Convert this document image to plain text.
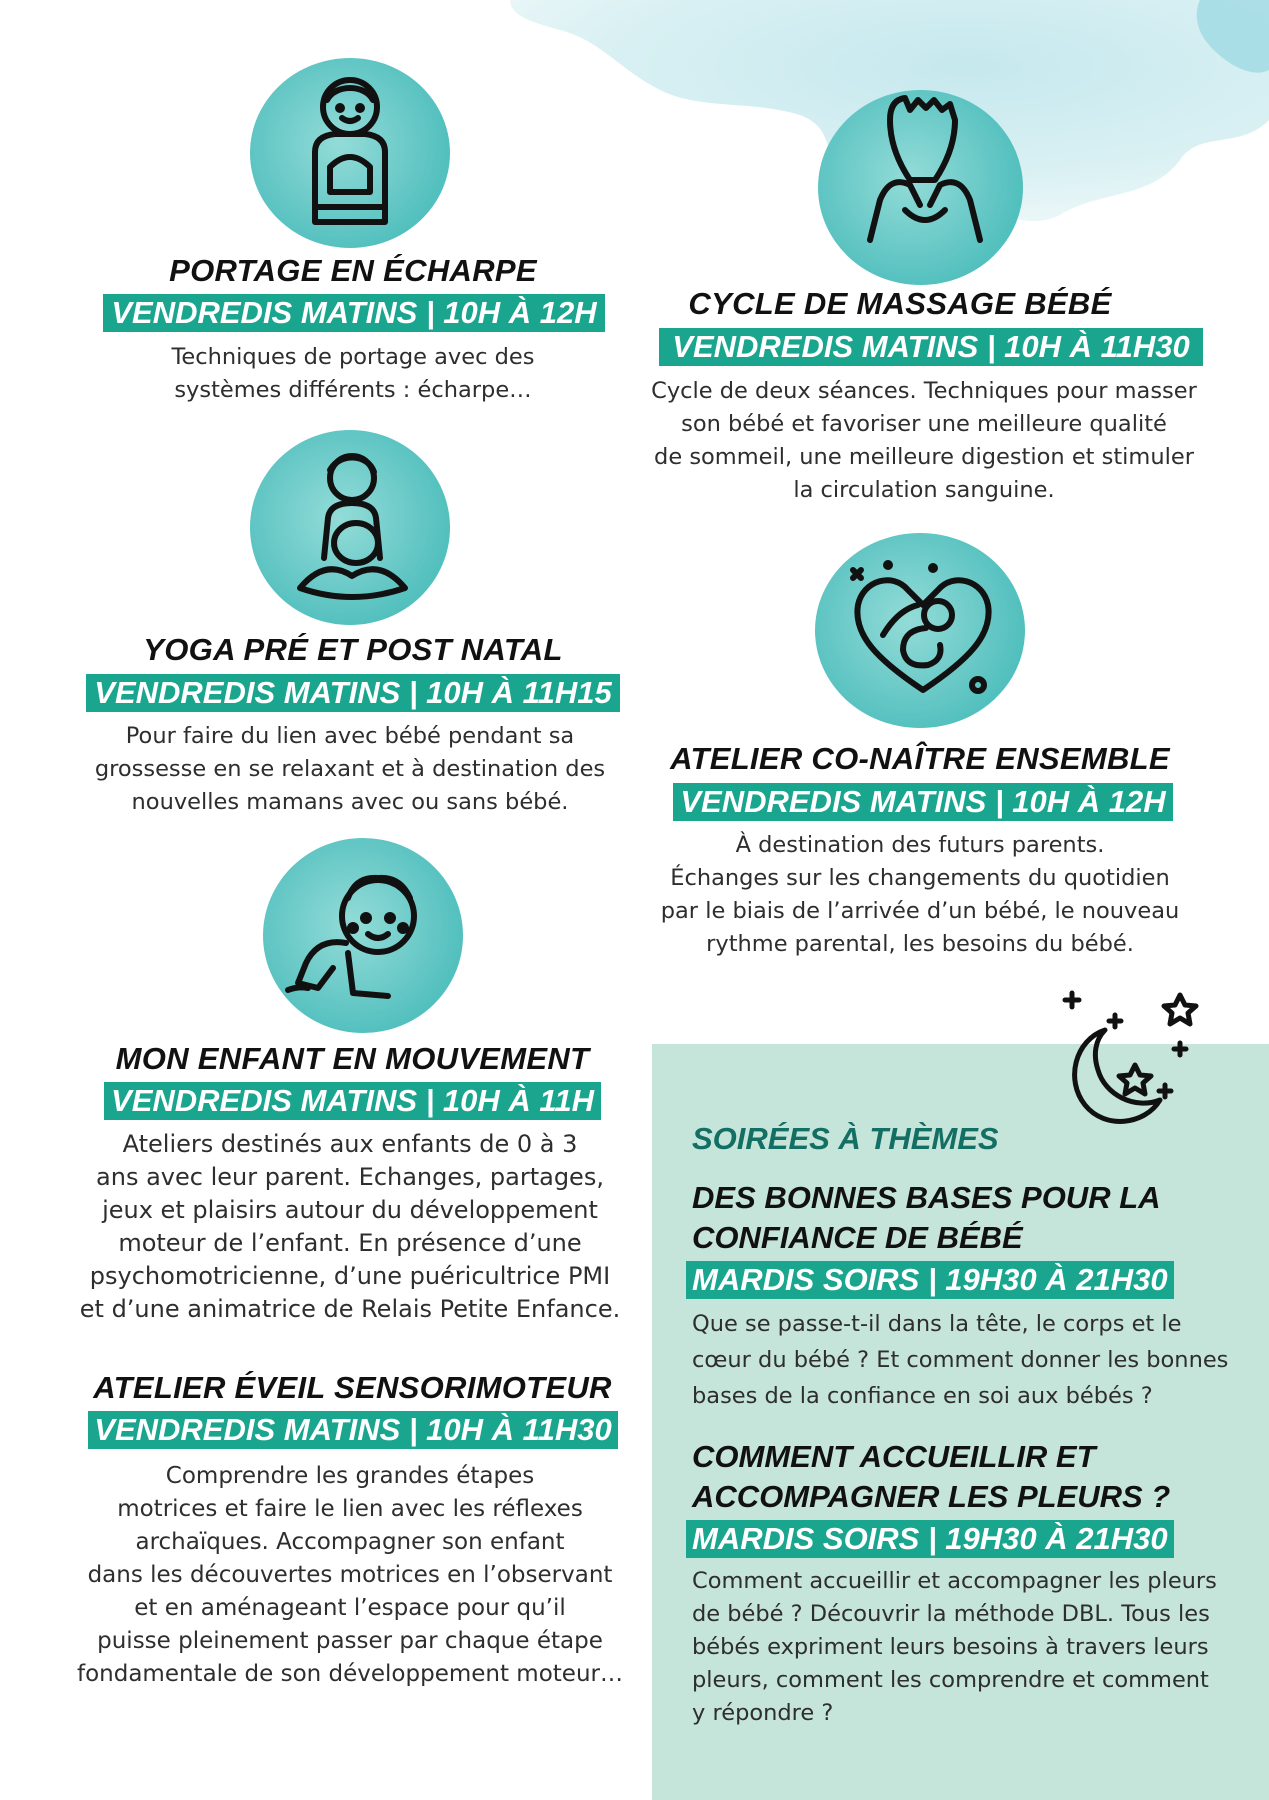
PORTAGE EN ÉCHARPE
VENDREDIS MATINS | 10H À 12H
Techniques de portage avec des
systèmes différents : écharpe…
YOGA PRÉ ET POST NATAL
VENDREDIS MATINS | 10H À 11H15
Pour faire du lien avec bébé pendant sa
grossesse en se relaxant et à destination des
nouvelles mamans avec ou sans bébé.
MON ENFANT EN MOUVEMENT
VENDREDIS MATINS | 10H À 11H
Ateliers destinés aux enfants de 0 à 3
ans avec leur parent. Echanges, partages,
jeux et plaisirs autour du développement
moteur de l’enfant. En présence d’une
psychomotricienne, d’une puéricultrice PMI
et d’une animatrice de Relais Petite Enfance.
ATELIER ÉVEIL SENSORIMOTEUR
VENDREDIS MATINS | 10H À 11H30
Comprendre les grandes étapes
motrices et faire le lien avec les réflexes
archaïques. Accompagner son enfant
dans les découvertes motrices en l’observant
et en aménageant l’espace pour qu’il
puisse pleinement passer par chaque étape
fondamentale de son développement moteur…
CYCLE DE MASSAGE BÉBÉ
VENDREDIS MATINS | 10H À 11H30
Cycle de deux séances. Techniques pour masser
son bébé et favoriser une meilleure qualité
de sommeil, une meilleure digestion et stimuler
la circulation sanguine.
ATELIER CO-NAÎTRE ENSEMBLE
VENDREDIS MATINS | 10H À 12H
À destination des futurs parents.
Échanges sur les changements du quotidien
par le biais de l’arrivée d’un bébé, le nouveau
rythme parental, les besoins du bébé.
SOIRÉES À THÈMES
DES BONNES BASES POUR LA
CONFIANCE DE BÉBÉ
MARDIS SOIRS | 19H30 À 21H30
Que se passe-t-il dans la tête, le corps et le
cœur du bébé ? Et comment donner les bonnes
bases de la confiance en soi aux bébés ?
COMMENT ACCUEILLIR ET
ACCOMPAGNER LES PLEURS ?
MARDIS SOIRS | 19H30 À 21H30
Comment accueillir et accompagner les pleurs
de bébé ? Découvrir la méthode DBL. Tous les
bébés expriment leurs besoins à travers leurs
pleurs, comment les comprendre et comment
y répondre ?
